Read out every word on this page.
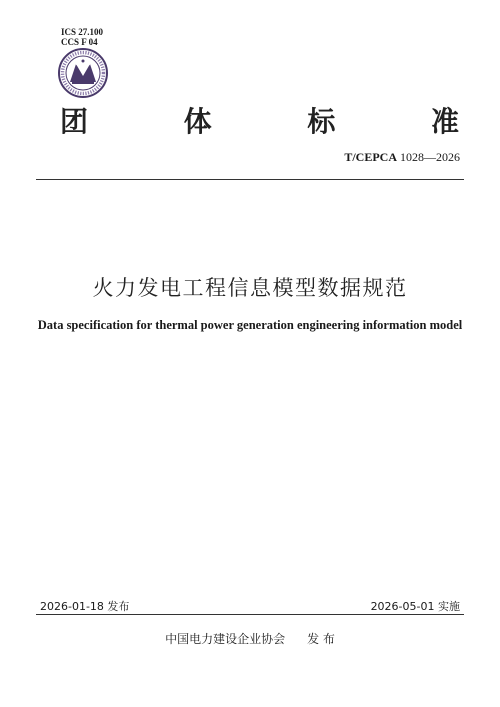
ICS 27.100
CCS F 04
团	体	标	准
T/CEPCA 1028—2026
火力发电工程信息模型数据规范
Data specification for thermal power generation engineering information model
2026-01-18 发布	2026-05-01 实施
中国电力建设企业协会 发 布
